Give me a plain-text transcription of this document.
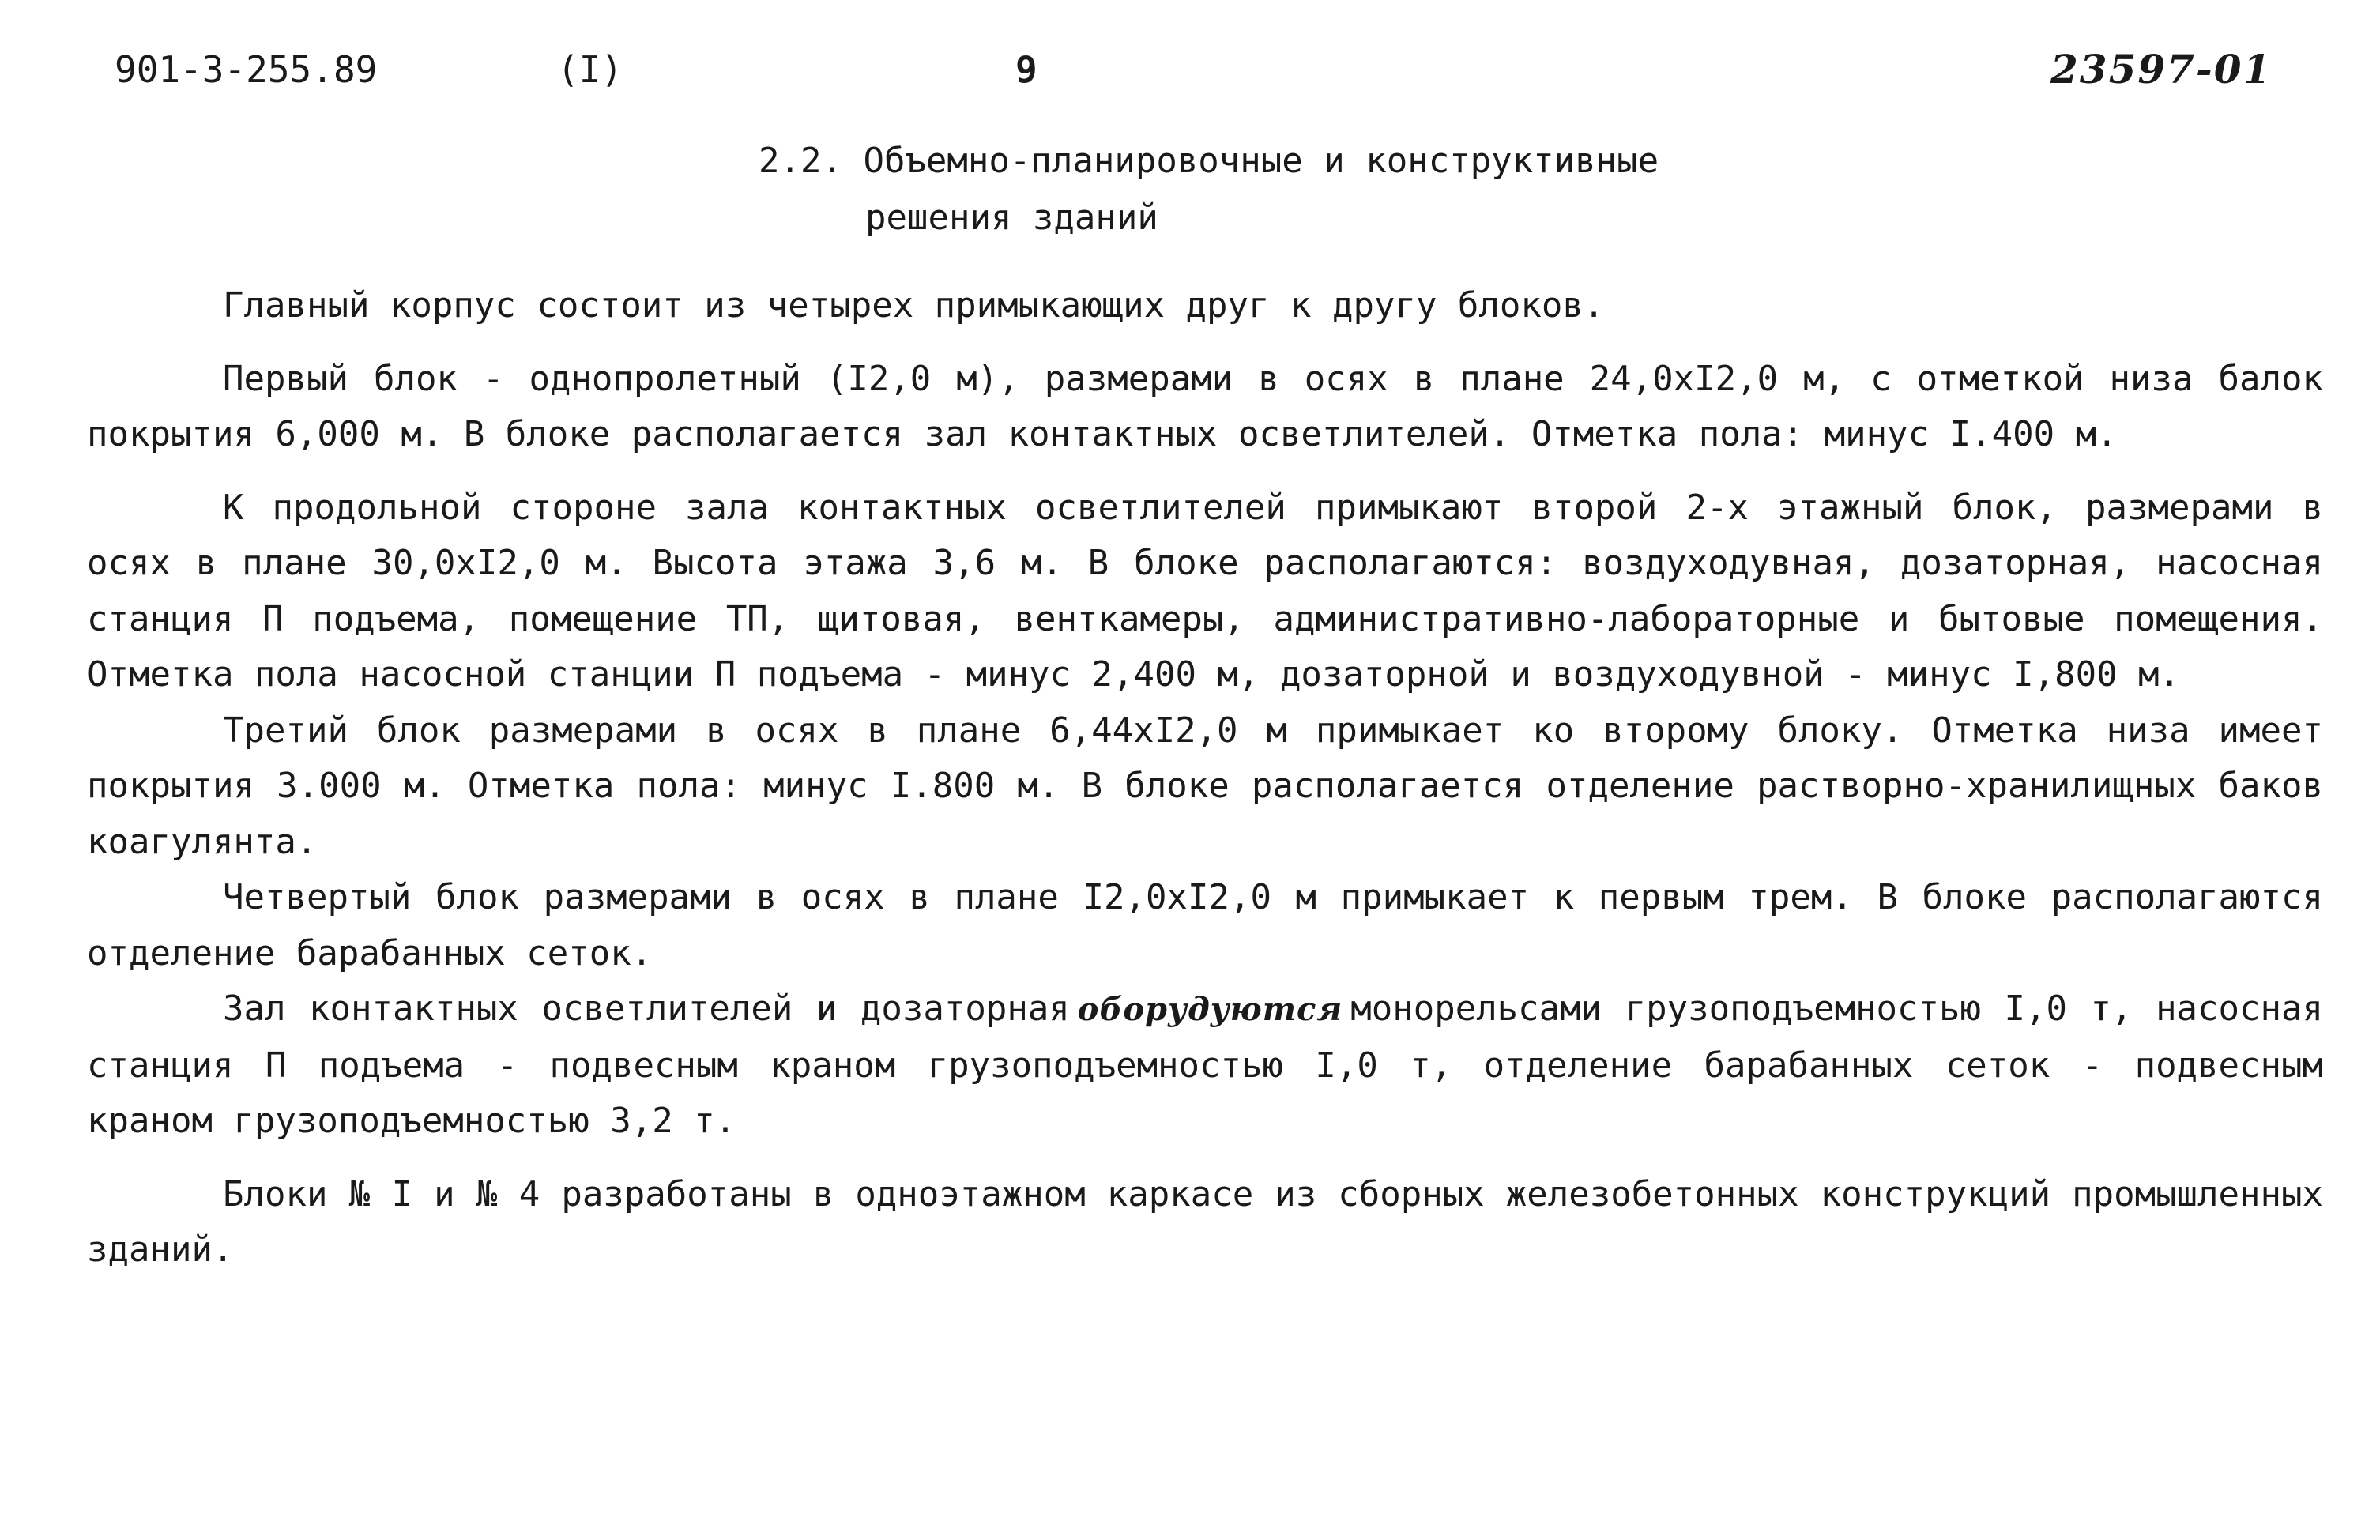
901-3-255.89	(I)	9	23597-01
2.2. Объемно-планировочные и конструктивные
решения зданий

Главный корпус состоит из четырех примыкающих друг к другу блоков.

Первый блок - однопролетный (I2,0 м), размерами в осях в плане 24,0xI2,0 м, с отметкой низа балок покрытия 6,000 м. В блоке располагается зал контактных осветлителей. Отметка пола: минус I.400 м.

К продольной стороне зала контактных осветлителей примыкают второй 2-х этажный блок, размерами в осях в плане 30,0xI2,0 м. Высота этажа 3,6 м. В блоке располагаются: воздуходувная, дозаторная, насосная станция П подъема, помещение ТП, щитовая, венткамеры, административно-лабораторные и бытовые помещения. Отметка пола насосной станции П подъема - минус 2,400 м, дозаторной и воздуходувной - минус I,800 м.

Третий блок размерами в осях в плане 6,44xI2,0 м примыкает ко второму блоку. Отметка низа имеет покрытия 3.000 м. Отметка пола: минус I.800 м. В блоке располагается отделение растворно-хранилищных баков коагулянта.

Четвертый блок размерами в осях в плане I2,0xI2,0 м примыкает к первым трем. В блоке располагаются отделение барабанных сеток.

Зал контактных осветлителей и дозаторная оборудуются монорельсами грузоподъемностью I,0 т, насосная станция П подъема - подвесным краном грузоподъемностью I,0 т, отделение барабанных сеток - подвесным краном грузоподъемностью 3,2 т.

Блоки № I и № 4 разработаны в одноэтажном каркасе из сборных железобетонных конструкций промышленных зданий.
